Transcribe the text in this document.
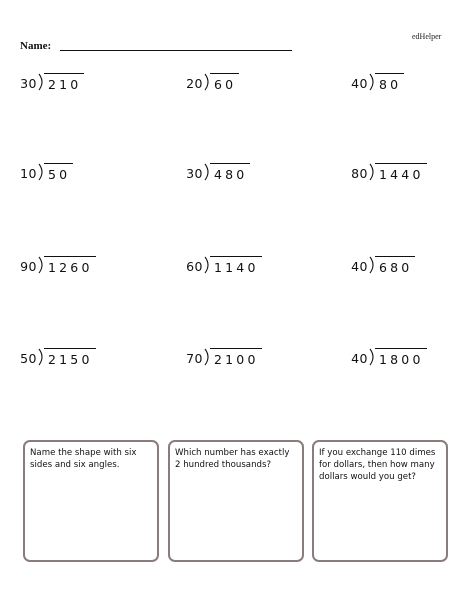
edHelper
Name:
30 210	20 60	40 80
10 50	30 480	80 1440
90 1260	60 1140	40 680
50 2150	70 2100	40 1800
Name the shape with six sides and six angles.
Which number has exactly 2 hundred thousands?
If you exchange 110 dimes for dollars, then how many dollars would you get?
